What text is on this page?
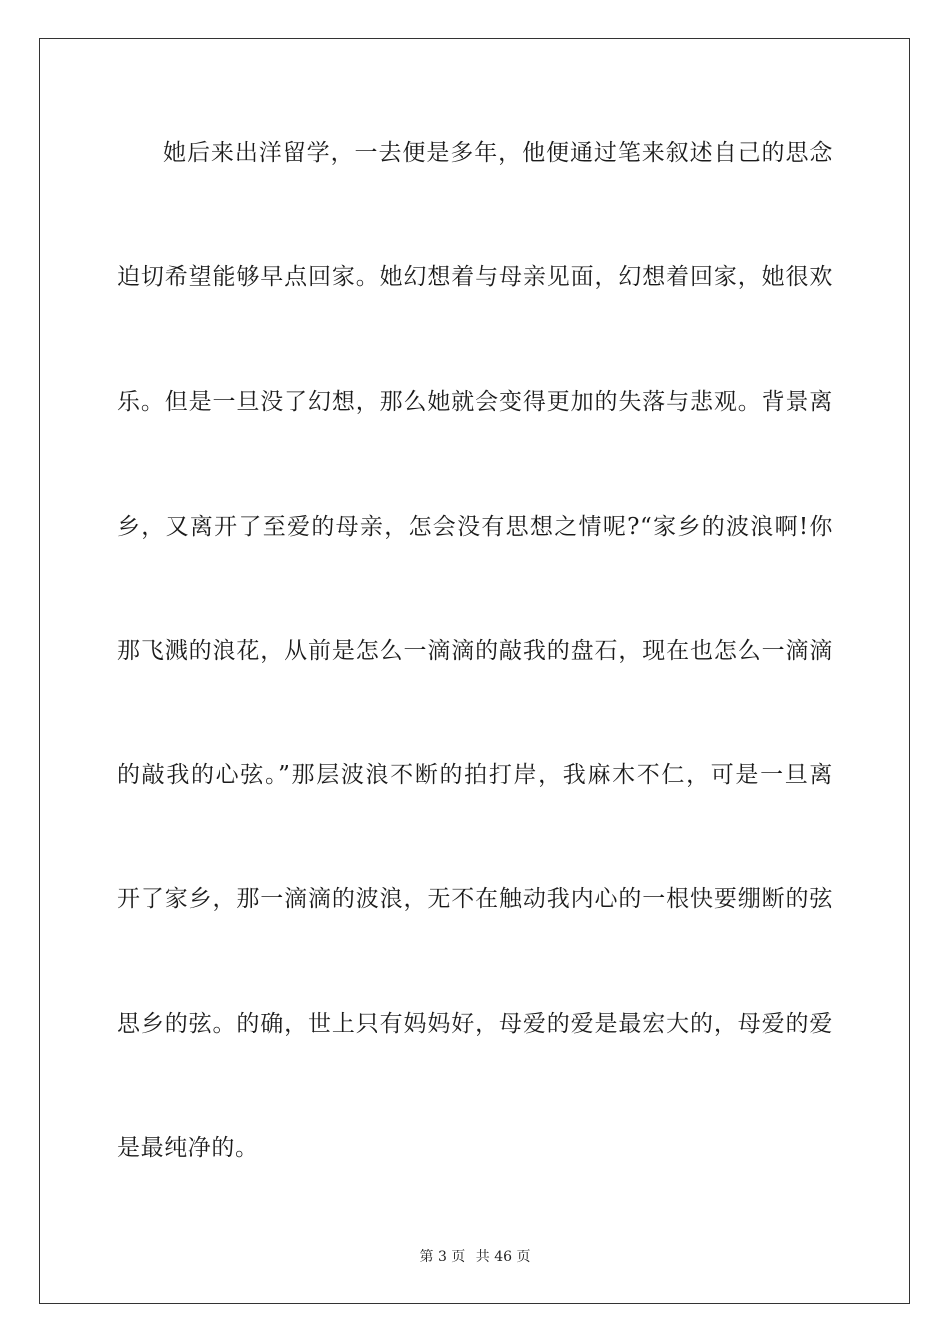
她后来出洋留学，一去便是多年，他便通过笔来叙述自己的思念
迫切希望能够早点回家。她幻想着与母亲见面，幻想着回家，她很欢
乐。但是一旦没了幻想，那么她就会变得更加的失落与悲观。背景离
乡，又离开了至爱的母亲，怎会没有思想之情呢?“家乡的波浪啊!你
那飞溅的浪花，从前是怎么一滴滴的敲我的盘石，现在也怎么一滴滴
的敲我的心弦。”那层波浪不断的拍打岸，我麻木不仁，可是一旦离
开了家乡，那一滴滴的波浪，无不在触动我内心的一根快要绷断的弦
思乡的弦。的确，世上只有妈妈好，母爱的爱是最宏大的，母爱的爱
是最纯净的。
第 3 页 共 46 页
